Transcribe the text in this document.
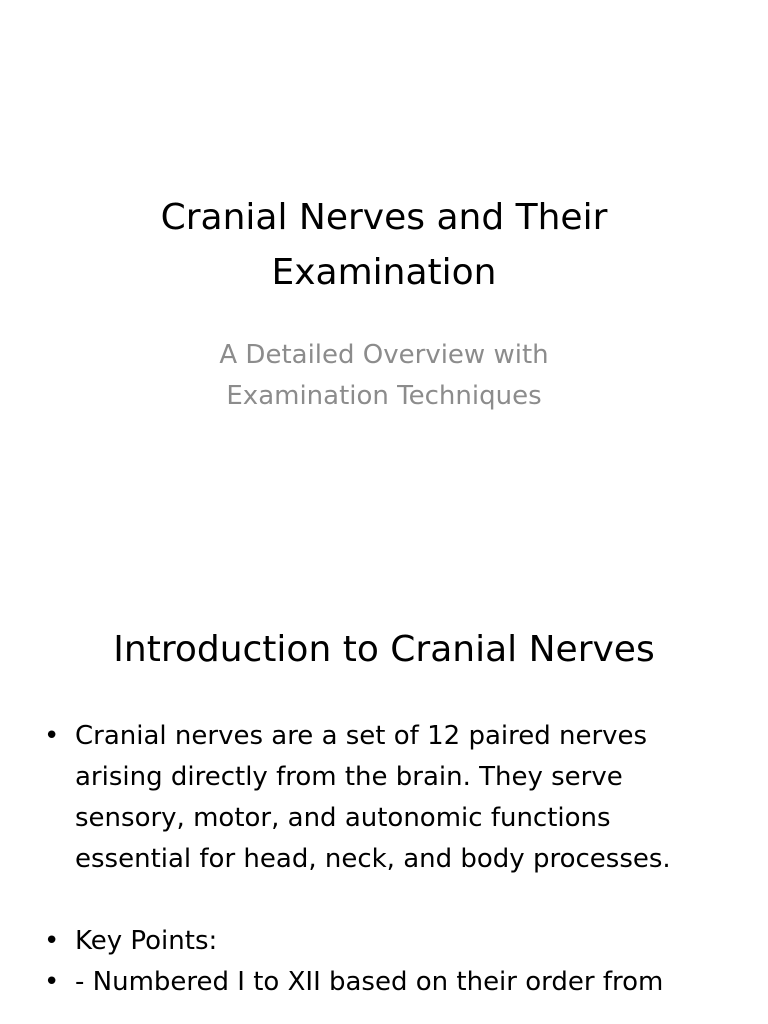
Cranial Nerves and Their Examination
A Detailed Overview with Examination Techniques
Introduction to Cranial Nerves
• Cranial nerves are a set of 12 paired nerves arising directly from the brain. They serve sensory, motor, and autonomic functions essential for head, neck, and body processes.
• Key Points:
• - Numbered I to XII based on their order from
